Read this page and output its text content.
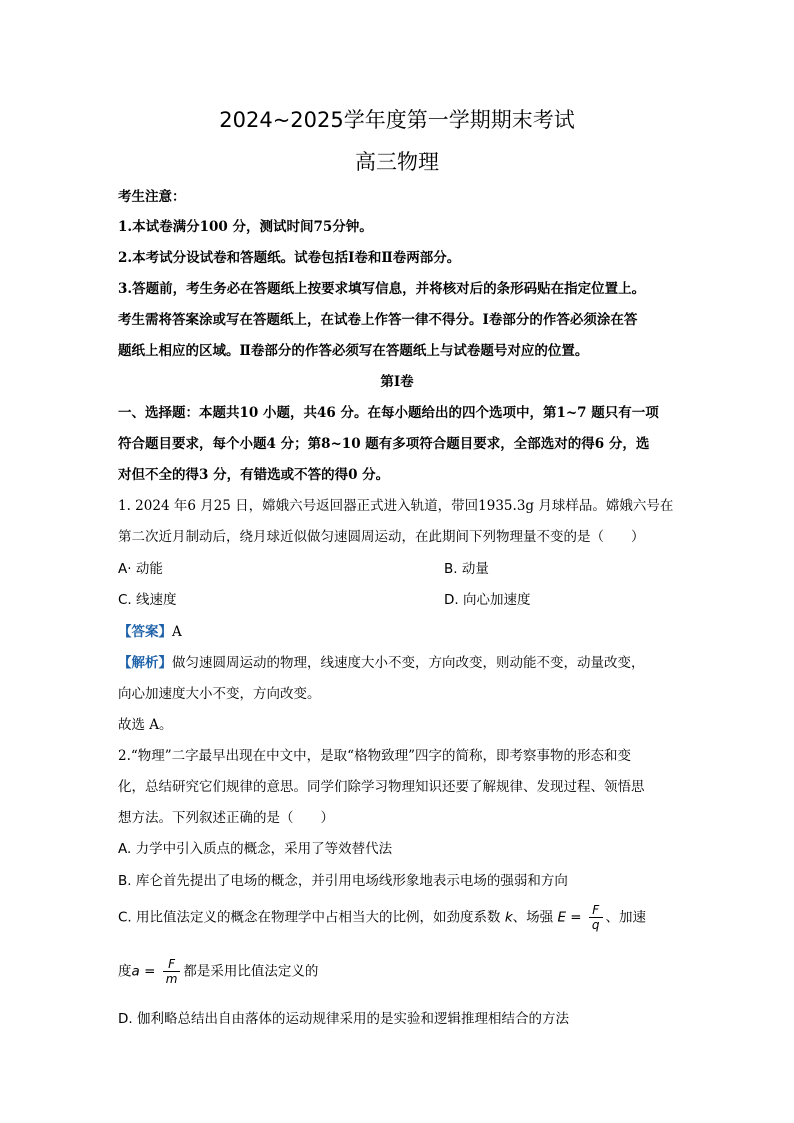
2024~2025学年度第一学期期末考试
高三物理
考生注意：
1.本试卷满分100 分，测试时间75分钟。
2.本考试分设试卷和答题纸。试卷包括Ⅰ卷和Ⅱ卷两部分。
3.答题前，考生务必在答题纸上按要求填写信息，并将核对后的条形码贴在指定位置上。
考生需将答案涂或写在答题纸上，在试卷上作答一律不得分。Ⅰ卷部分的作答必须涂在答
题纸上相应的区域。Ⅱ卷部分的作答必须写在答题纸上与试卷题号对应的位置。
第Ⅰ卷
一、选择题：本题共10 小题，共46 分。在每小题给出的四个选项中，第1~7 题只有一项
符合题目要求，每个小题4 分；第8~10 题有多项符合题目要求，全部选对的得6 分，选
对但不全的得3 分，有错选或不答的得0 分。
1. 2024 年6 月25 日，嫦娥六号返回器正式进入轨道，带回1935.3g 月球样品。嫦娥六号在
第二次近月制动后，绕月球近似做匀速圆周运动，在此期间下列物理量不变的是（　　）
A· 动能	B. 动量
C. 线速度	D. 向心加速度
【答案】A
【解析】做匀速圆周运动的物理，线速度大小不变，方向改变，则动能不变，动量改变，
向心加速度大小不变，方向改变。
故选 A。
2.“物理”二字最早出现在中文中，是取“格物致理”四字的简称，即考察事物的形态和变
化，总结研究它们规律的意思。同学们除学习物理知识还要了解规律、发现过程、领悟思
想方法。下列叙述正确的是（　　）
A. 力学中引入质点的概念，采用了等效替代法
B. 库仑首先提出了电场的概念，并引用电场线形象地表示电场的强弱和方向
C. 用比值法定义的概念在物理学中占相当大的比例，如劲度系数 k、场强 $E = \frac{F}{q}$ 、加速
度$a = \frac{F}{m}$ 都是采用比值法定义的
D. 伽利略总结出自由落体的运动规律采用的是实验和逻辑推理相结合的方法
